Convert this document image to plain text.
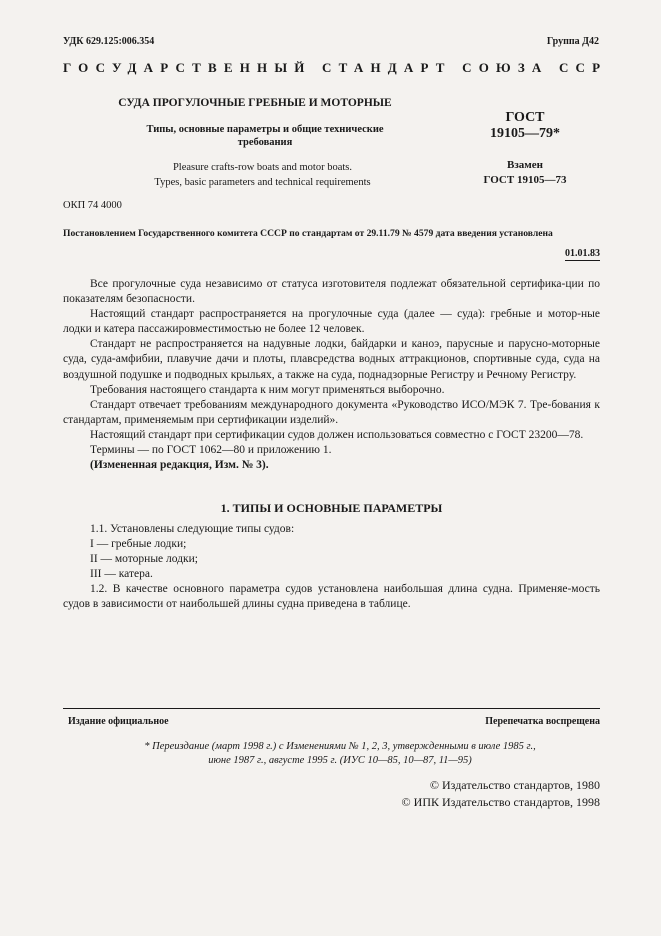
УДК 629.125:006.354	Группа Д42
ГОСУДАРСТВЕННЫЙ СТАНДАРТ СОЮЗА ССР
СУДА ПРОГУЛОЧНЫЕ ГРЕБНЫЕ И МОТОРНЫЕ
Типы, основные параметры и общие технические
требования
Pleasure crafts-row boats and motor boats.
Types, basic parameters and technical requirements
ГОСТ
19105—79*
Взамен
ГОСТ 19105—73
ОКП 74 4000
Постановлением Государственного комитета СССР по стандартам от 29.11.79 № 4579 дата введения установлена
01.01.83

Все прогулочные суда независимо от статуса изготовителя подлежат обязательной сертифика-ции по показателям безопасности.

Настоящий стандарт распространяется на прогулочные суда (далее — суда): гребные и мотор-ные лодки и катера пассажировместимостью не более 12 человек.

Стандарт не распространяется на надувные лодки, байдарки и каноэ, парусные и парусно-моторные суда, суда-амфибии, плавучие дачи и плоты, плавсредства водных аттракционов, спортивные суда, суда на воздушной подушке и подводных крыльях, а также на суда, поднадзорные Регистру и Речному Регистру.

Требования настоящего стандарта к ним могут применяться выборочно.

Стандарт отвечает требованиям международного документа «Руководство ИСО/МЭК 7. Тре-бования к стандартам, применяемым при сертификации изделий».

Настоящий стандарт при сертификации судов должен использоваться совместно с ГОСТ 23200—78.

Термины — по ГОСТ 1062—80 и приложению 1.

(Измененная редакция, Изм. № 3).

1. ТИПЫ И ОСНОВНЫЕ ПАРАМЕТРЫ

1.1. Установлены следующие типы судов:

I — гребные лодки;

II — моторные лодки;

III — катера.

1.2. В качестве основного параметра судов установлена наибольшая длина судна. Применяе-мость судов в зависимости от наибольшей длины судна приведена в таблице.

Издание официальное	Перепечатка воспрещена
* Переиздание (март 1998 г.) с Изменениями № 1, 2, 3, утвержденными в июле 1985 г.,
июне 1987 г., августе 1995 г. (ИУС 10—85, 10—87, 11—95)
© Издательство стандартов, 1980
© ИПК Издательство стандартов, 1998
